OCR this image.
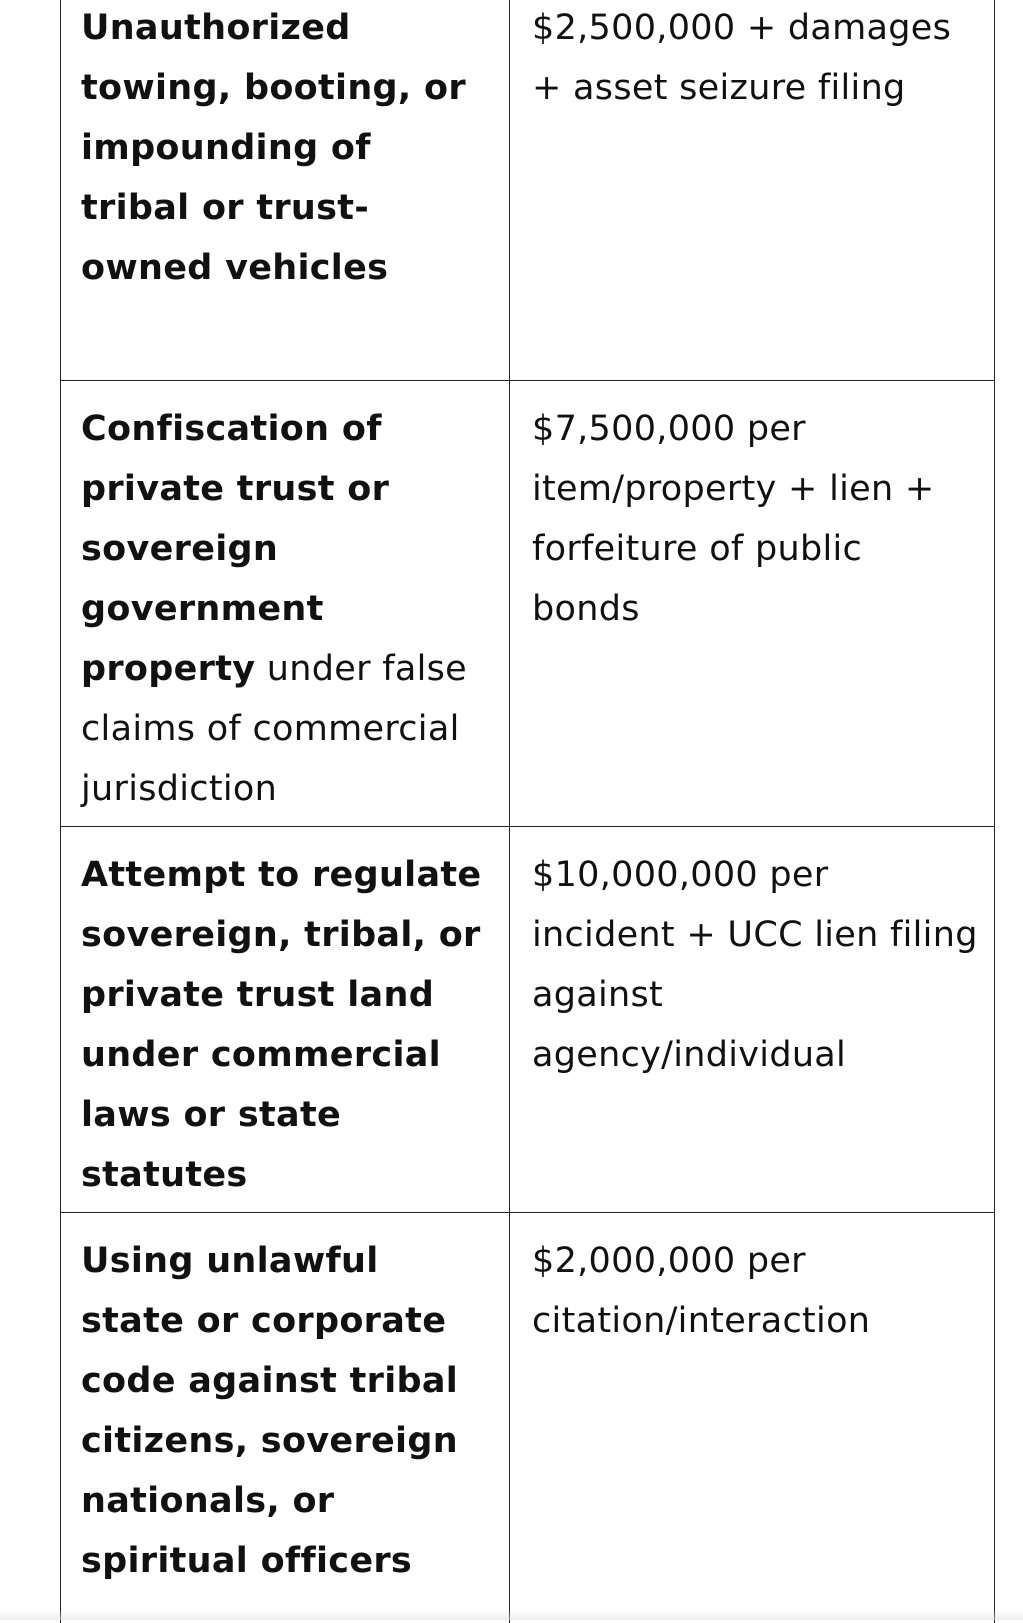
Unauthorized towing, booting, or impounding of tribal or trust-owned vehicles	$2,500,000 + damages + asset seizure filing

Confiscation of private trust or sovereign government property under false claims of commercial jurisdiction	$7,500,000 per item/property + lien + forfeiture of public bonds

Attempt to regulate sovereign, tribal, or private trust land under commercial laws or state statutes	$10,000,000 per incident + UCC lien filing against agency/individual

Using unlawful state or corporate code against tribal citizens, sovereign nationals, or spiritual officers	$2,000,000 per citation/interaction
